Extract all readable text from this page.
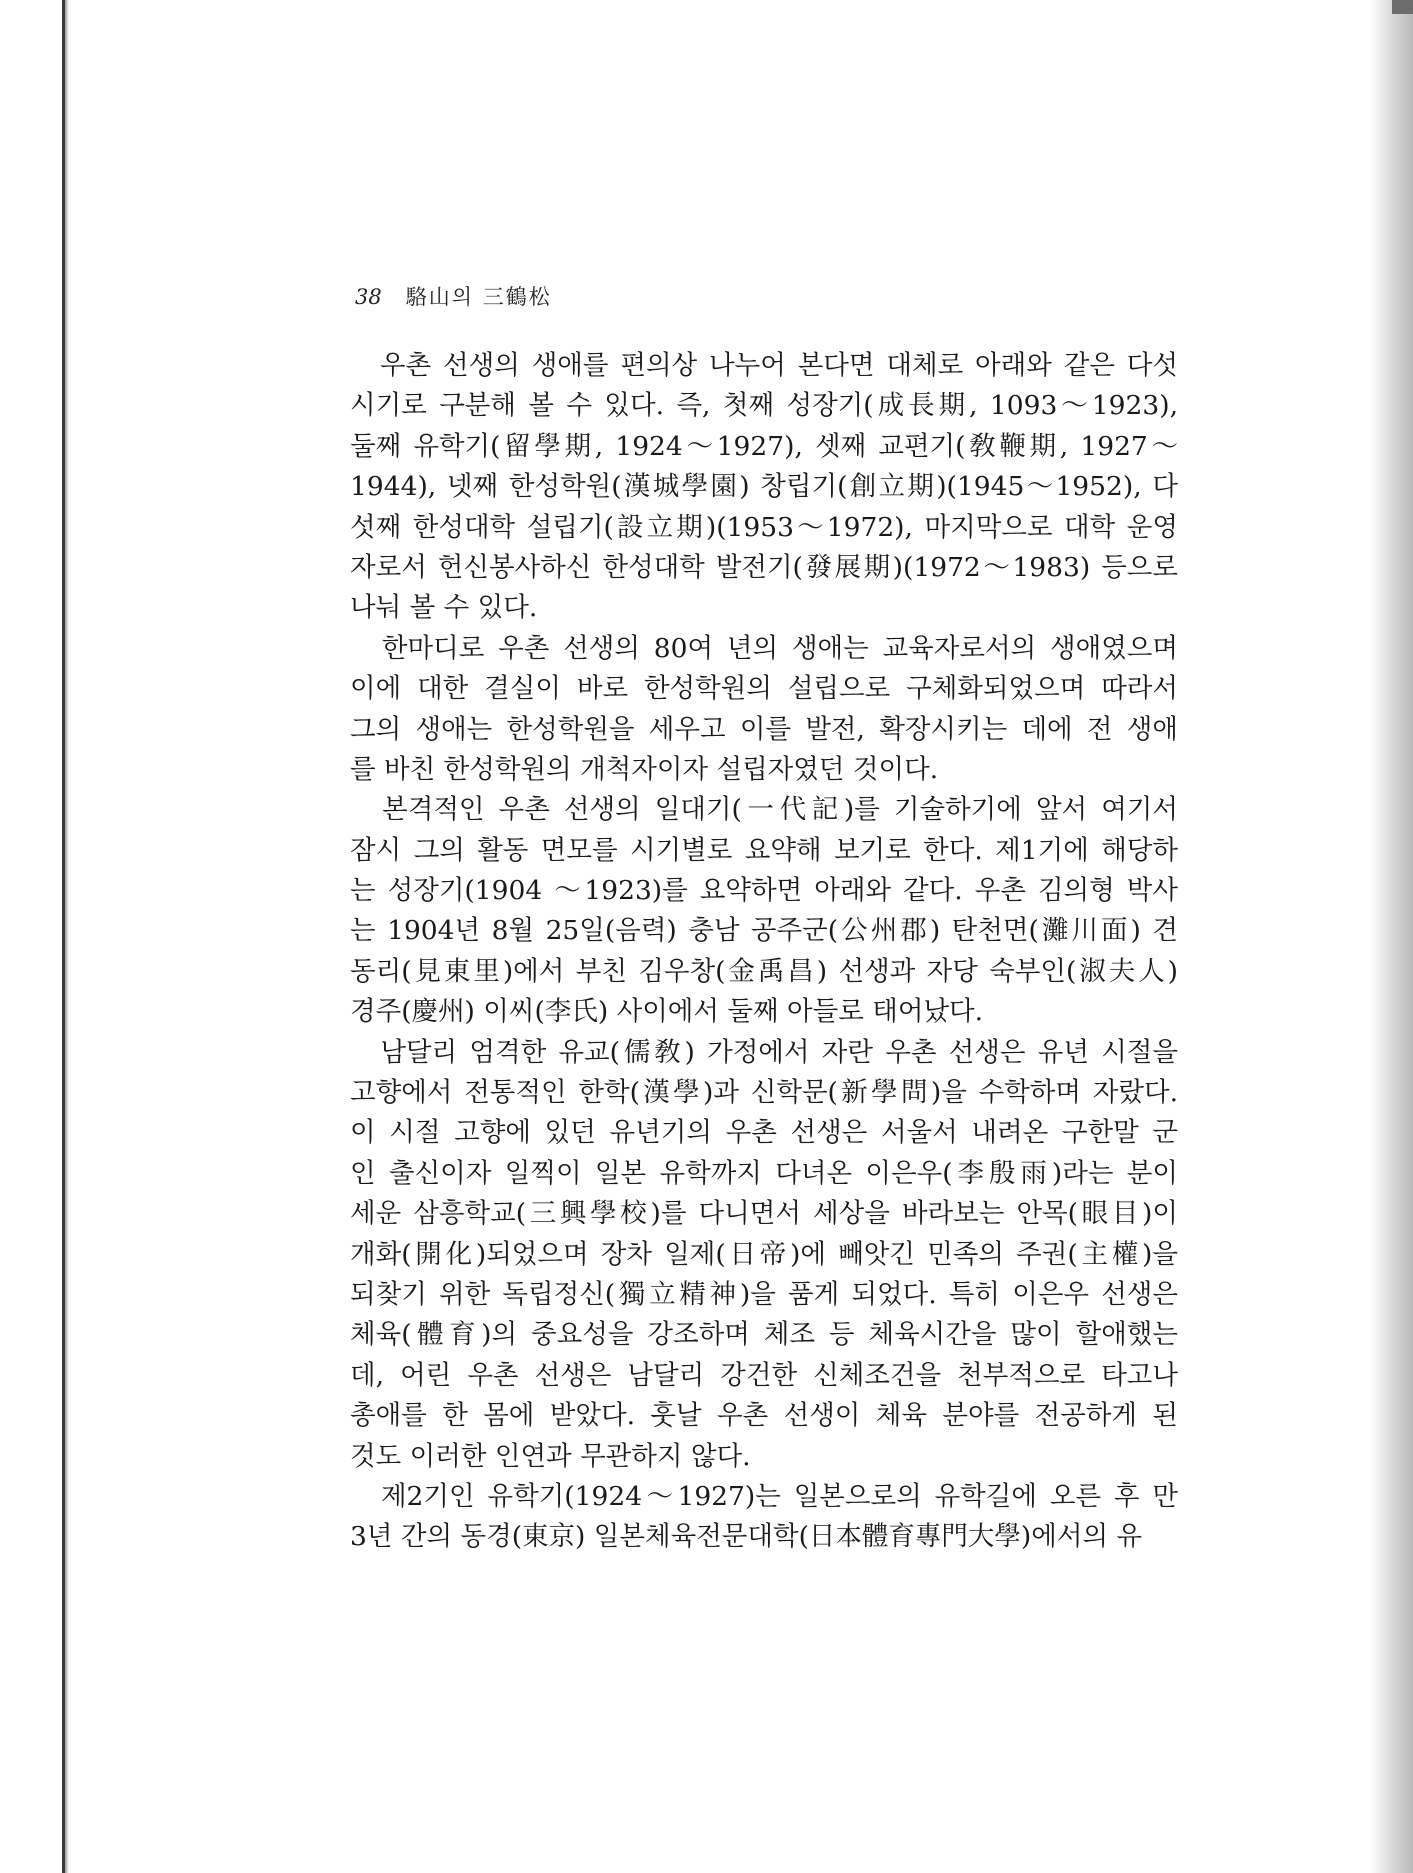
38 駱山의 三鶴松
　우촌 선생의 생애를 편의상 나누어 본다면 대체로 아래와 같은 다섯
시기로 구분해 볼 수 있다. 즉, 첫째 성장기(成長期, 1093～1923),
둘째 유학기(留學期, 1924～1927), 셋째 교편기(敎鞭期, 1927～
1944), 넷째 한성학원(漢城學園) 창립기(創立期)(1945～1952), 다
섯째 한성대학 설립기(設立期)(1953～1972), 마지막으로 대학 운영
자로서 헌신봉사하신 한성대학 발전기(發展期)(1972～1983) 등으로
나눠 볼 수 있다.
　한마디로 우촌 선생의 80여 년의 생애는 교육자로서의 생애였으며
이에 대한 결실이 바로 한성학원의 설립으로 구체화되었으며 따라서
그의 생애는 한성학원을 세우고 이를 발전, 확장시키는 데에 전 생애
를 바친 한성학원의 개척자이자 설립자였던 것이다.
　본격적인 우촌 선생의 일대기(一代記)를 기술하기에 앞서 여기서
잠시 그의 활동 면모를 시기별로 요약해 보기로 한다. 제1기에 해당하
는 성장기(1904 ～1923)를 요약하면 아래와 같다. 우촌 김의형 박사
는 1904년 8월 25일(음력) 충남 공주군(公州郡) 탄천면(灘川面) 견
동리(見東里)에서 부친 김우창(金禹昌) 선생과 자당 숙부인(淑夫人)
경주(慶州) 이씨(李氏) 사이에서 둘째 아들로 태어났다.
　남달리 엄격한 유교(儒敎) 가정에서 자란 우촌 선생은 유년 시절을
고향에서 전통적인 한학(漢學)과 신학문(新學問)을 수학하며 자랐다.
이 시절 고향에 있던 유년기의 우촌 선생은 서울서 내려온 구한말 군
인 출신이자 일찍이 일본 유학까지 다녀온 이은우(李殷雨)라는 분이
세운 삼흥학교(三興學校)를 다니면서 세상을 바라보는 안목(眼目)이
개화(開化)되었으며 장차 일제(日帝)에 빼앗긴 민족의 주권(主權)을
되찾기 위한 독립정신(獨立精神)을 품게 되었다. 특히 이은우 선생은
체육(體育)의 중요성을 강조하며 체조 등 체육시간을 많이 할애했는
데, 어린 우촌 선생은 남달리 강건한 신체조건을 천부적으로 타고나
총애를 한 몸에 받았다. 훗날 우촌 선생이 체육 분야를 전공하게 된
것도 이러한 인연과 무관하지 않다.
　제2기인 유학기(1924～1927)는 일본으로의 유학길에 오른 후 만
3년 간의 동경(東京) 일본체육전문대학(日本體育專門大學)에서의 유
